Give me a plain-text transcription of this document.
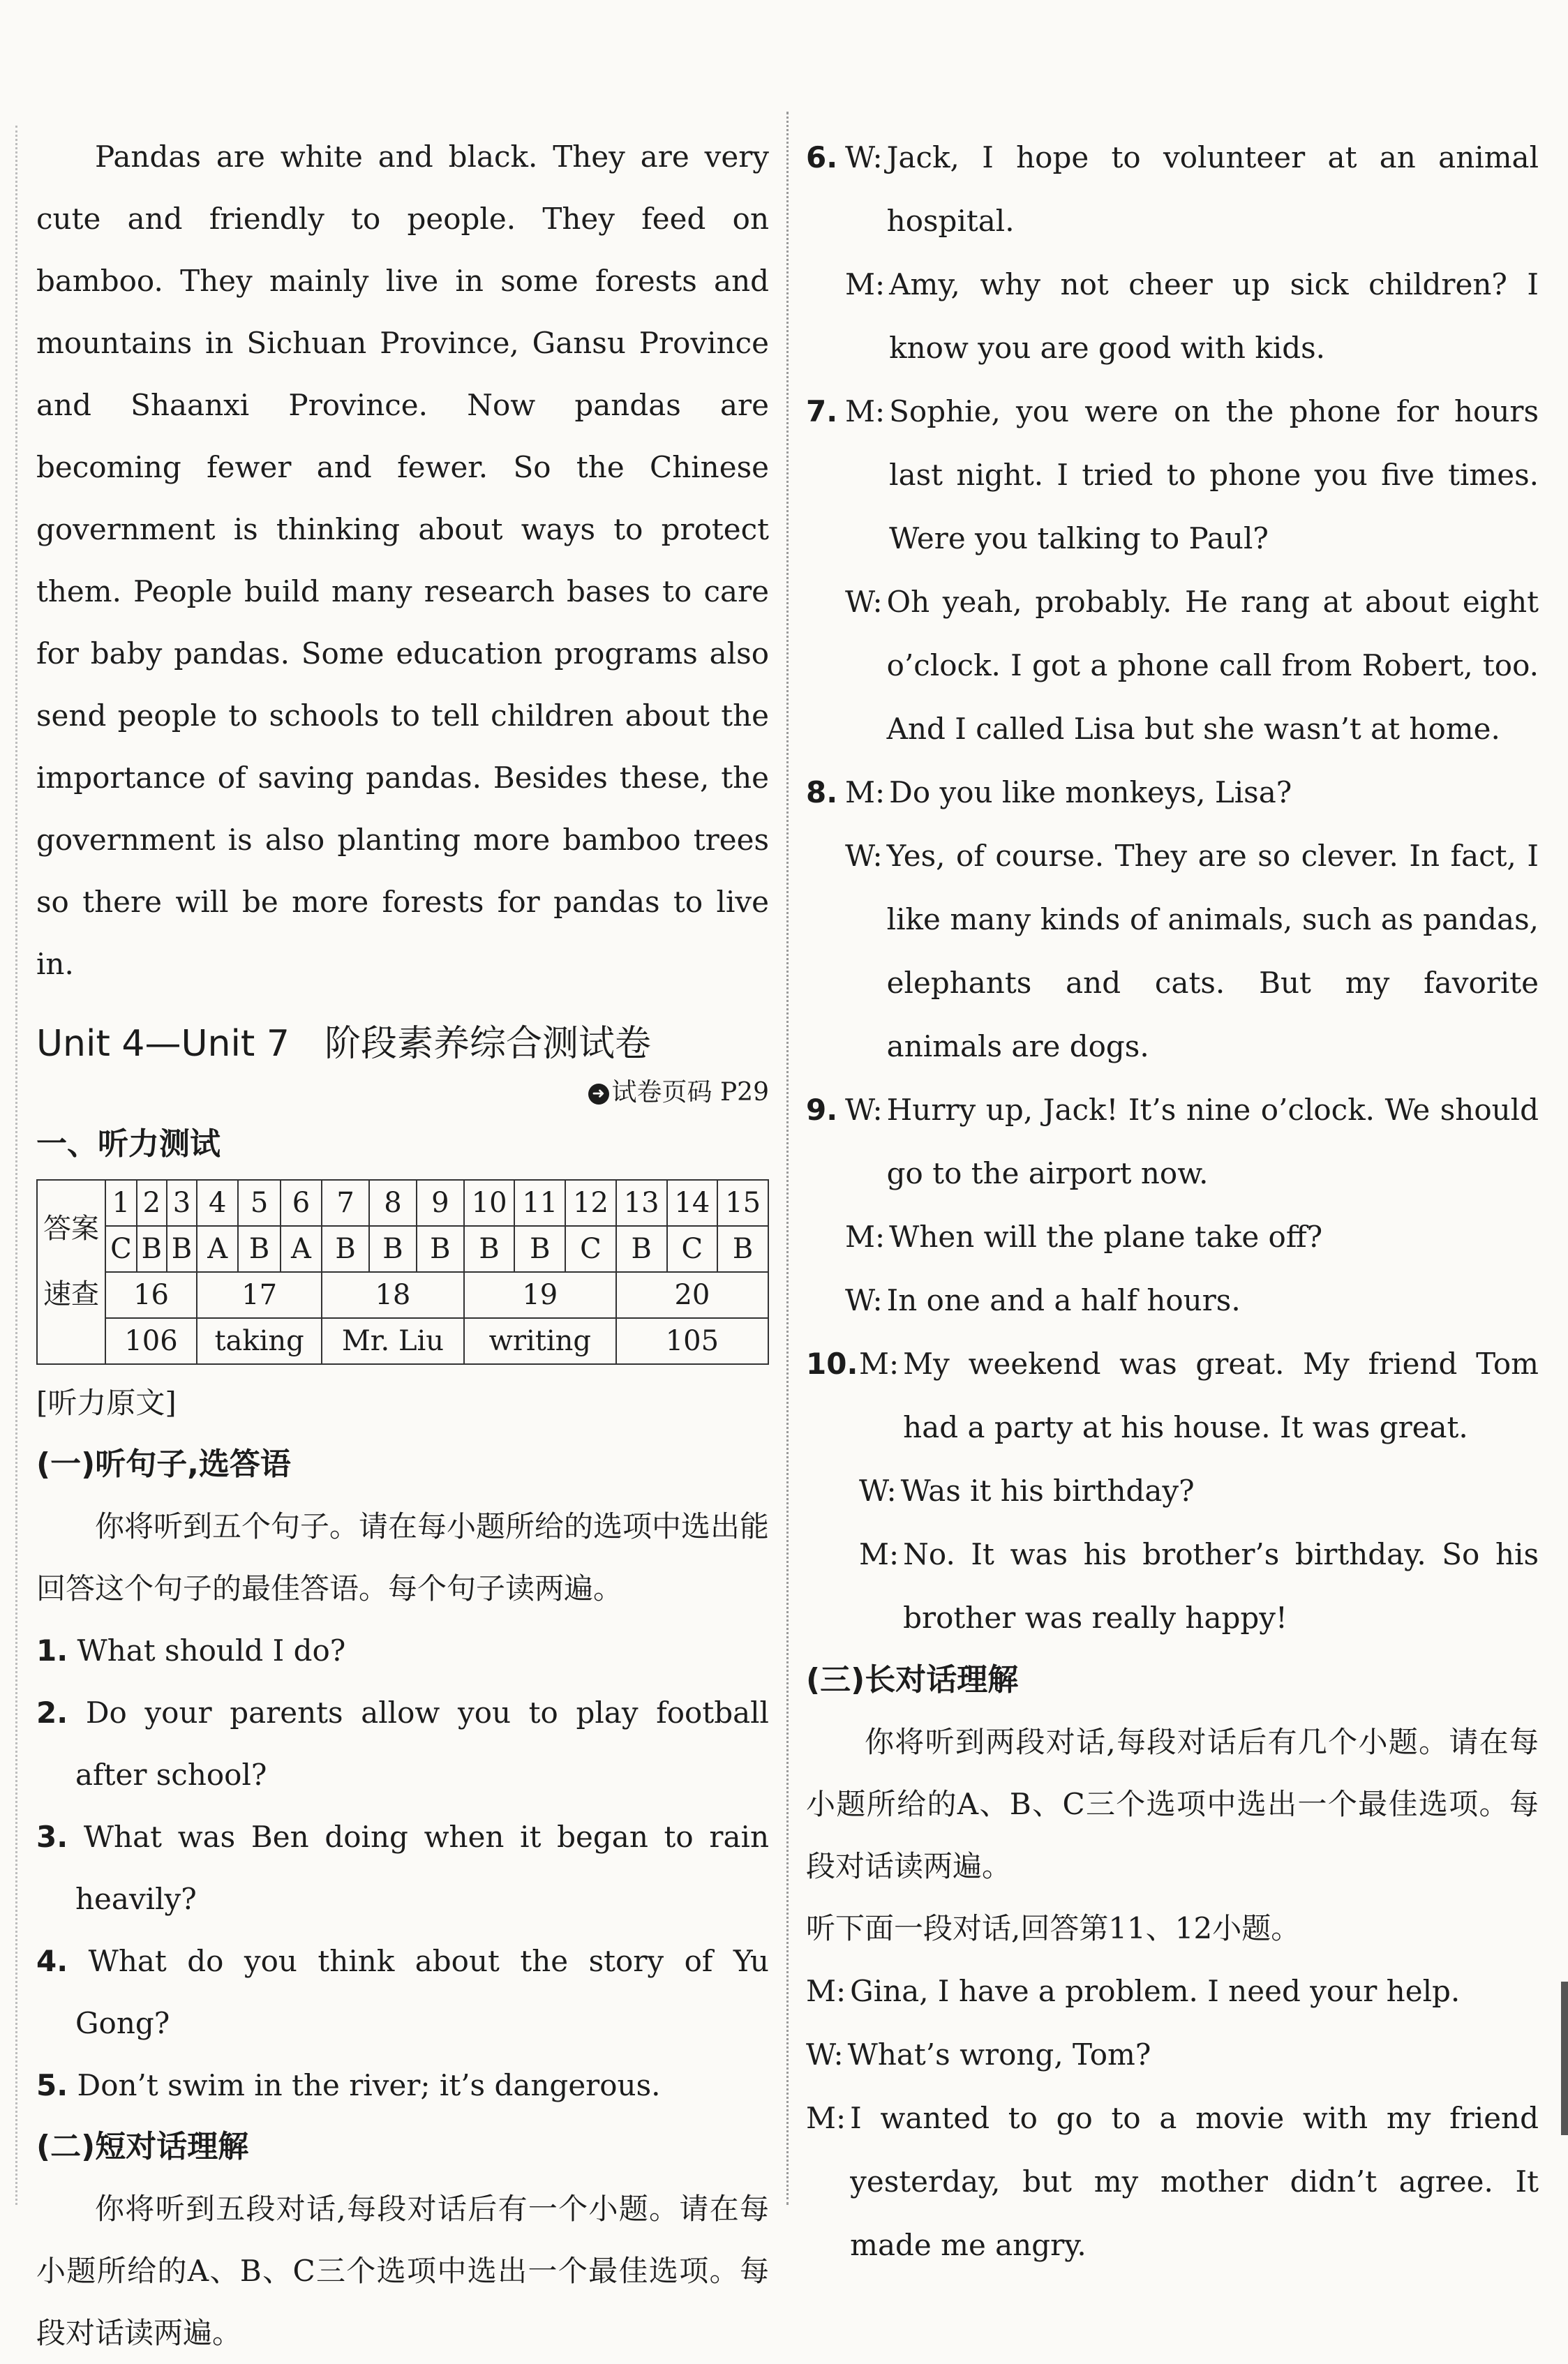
Pandas are white and black. They are very cute and friendly to people. They feed on bamboo. They mainly live in some forests and mountains in Sichuan Province, Gansu Province and Shaanxi Province. Now pandas are becoming fewer and fewer. So the Chinese government is thinking about ways to protect them. People build many research bases to care for baby pandas. Some education programs also send people to schools to tell children about the importance of saving pandas. Besides these, the government is also planting more bamboo trees so there will be more forests for pandas to live in.

Unit 4—Unit 7 阶段素养综合测试卷
➜ 试卷页码 P29
一、听力测试
答案	1	2	3	4	5	6	7	8	9	10	11	12	13	14	15
	C	B	B	A	B	A	B	B	B	B	B	C	B	C	B
速查	16			17			18			19			20		
	106			taking			Mr. Liu			writing			105		
[听力原文]
(一)听句子,选答语

你将听到五个句子。请在每小题所给的选项中选出能回答这个句子的最佳答语。每个句子读两遍。

1. What should I do?
2. Do your parents allow you to play football after school?
3. What was Ben doing when it began to rain heavily?
4. What do you think about the story of Yu Gong?
5. Don’t swim in the river; it’s dangerous.
(二)短对话理解

你将听到五段对话,每段对话后有一个小题。请在每小题所给的A、B、C三个选项中选出一个最佳选项。每段对话读两遍。

6. W: Jack, I hope to volunteer at an animal hospital.
M: Amy, why not cheer up sick children? I know you are good with kids.
7. M: Sophie, you were on the phone for hours last night. I tried to phone you five times. Were you talking to Paul?
W: Oh yeah, probably. He rang at about eight o’clock. I got a phone call from Robert, too. And I called Lisa but she wasn’t at home.
8. M: Do you like monkeys, Lisa?
W: Yes, of course. They are so clever. In fact, I like many kinds of animals, such as pandas, elephants and cats. But my favorite animals are dogs.
9. W: Hurry up, Jack! It’s nine o’clock. We should go to the airport now.
M: When will the plane take off?
W: In one and a half hours.
10. M: My weekend was great. My friend Tom had a party at his house. It was great.
W: Was it his birthday?
M: No. It was his brother’s birthday. So his brother was really happy!
(三)长对话理解

你将听到两段对话,每段对话后有几个小题。请在每小题所给的A、B、C三个选项中选出一个最佳选项。每段对话读两遍。

听下面一段对话,回答第11、12小题。
M: Gina, I have a problem. I need your help.
W: What’s wrong, Tom?
M: I wanted to go to a movie with my friend yesterday, but my mother didn’t agree. It made me angry.
